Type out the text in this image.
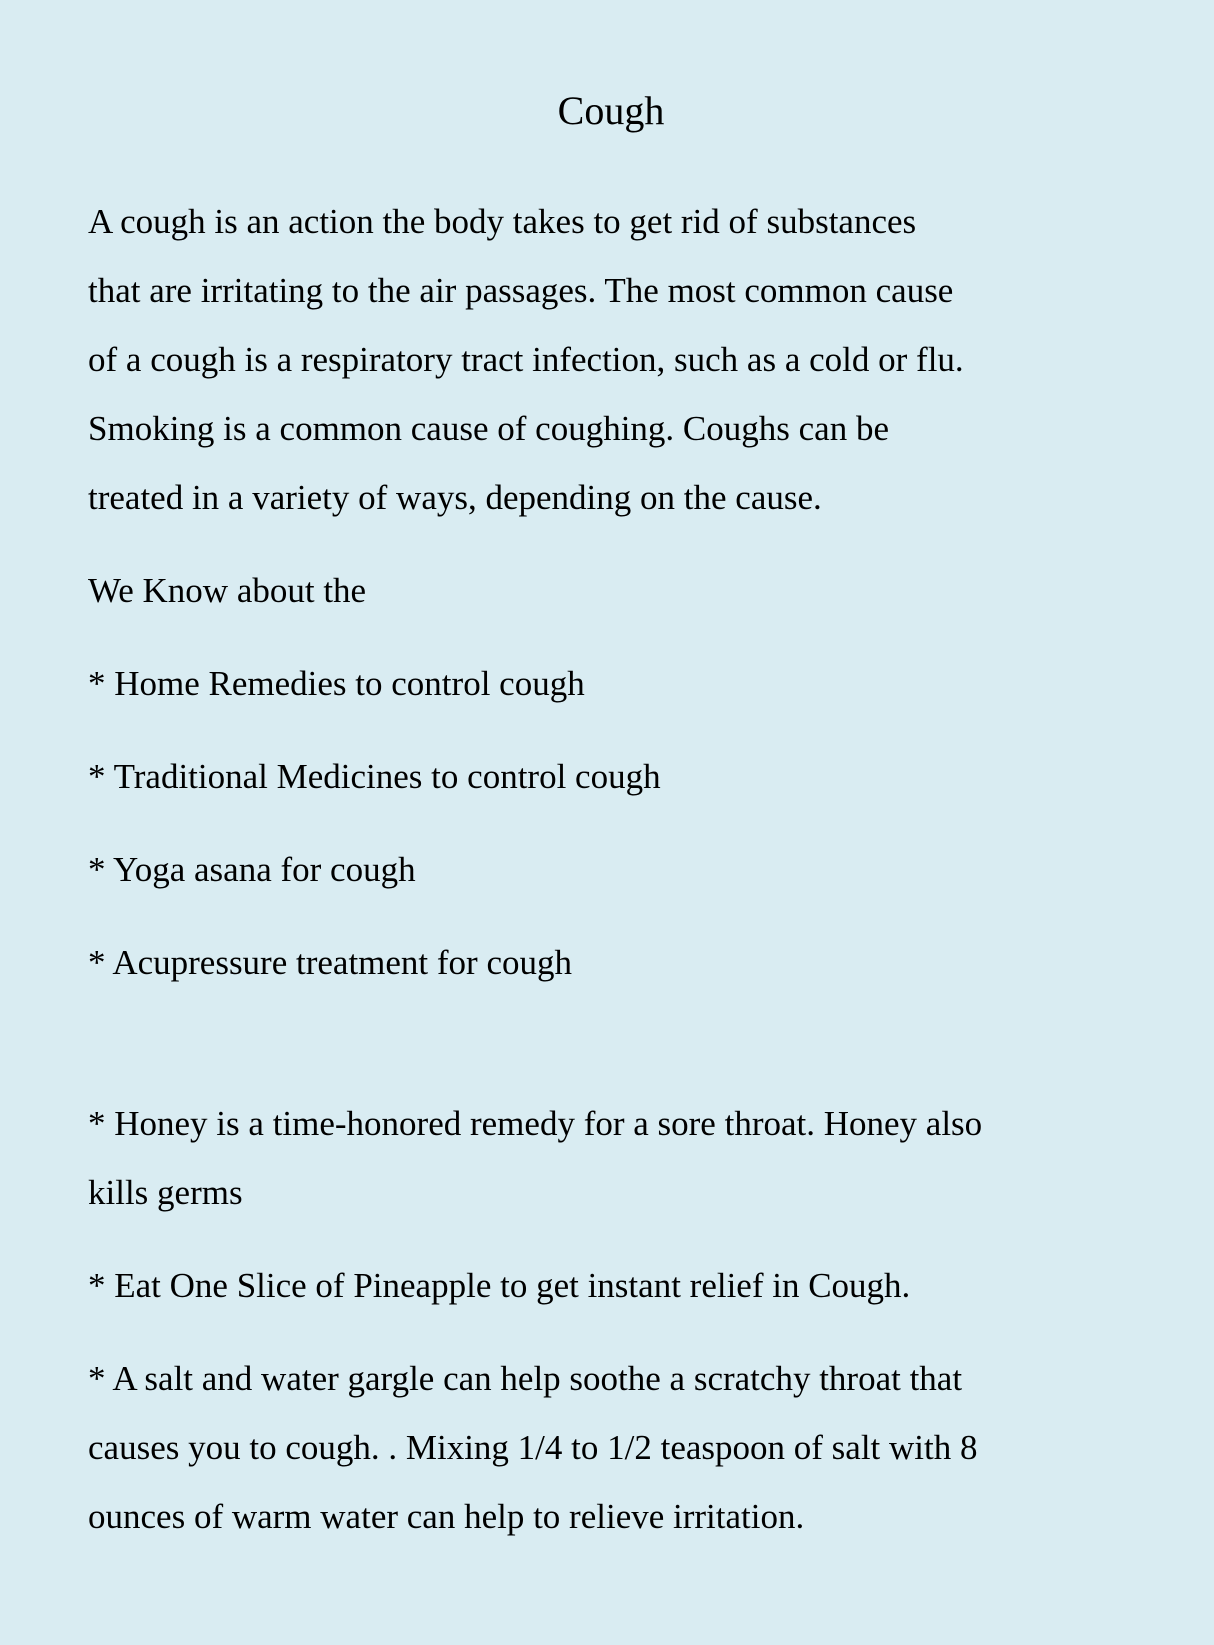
Cough
A cough is an action the body takes to get rid of substances
that are irritating to the air passages. The most common cause
of a cough is a respiratory tract infection, such as a cold or flu.
Smoking is a common cause of coughing. Coughs can be
treated in a variety of ways, depending on the cause.
We Know about the
* Home Remedies to control cough
* Traditional Medicines to control cough
* Yoga asana for cough
* Acupressure treatment for cough
* Honey is a time-honored remedy for a sore throat. Honey also
kills germs
* Eat One Slice of Pineapple to get instant relief in Cough.
* A salt and water gargle can help soothe a scratchy throat that
causes you to cough. . Mixing 1/4 to 1/2 teaspoon of salt with 8
ounces of warm water can help to relieve irritation.
